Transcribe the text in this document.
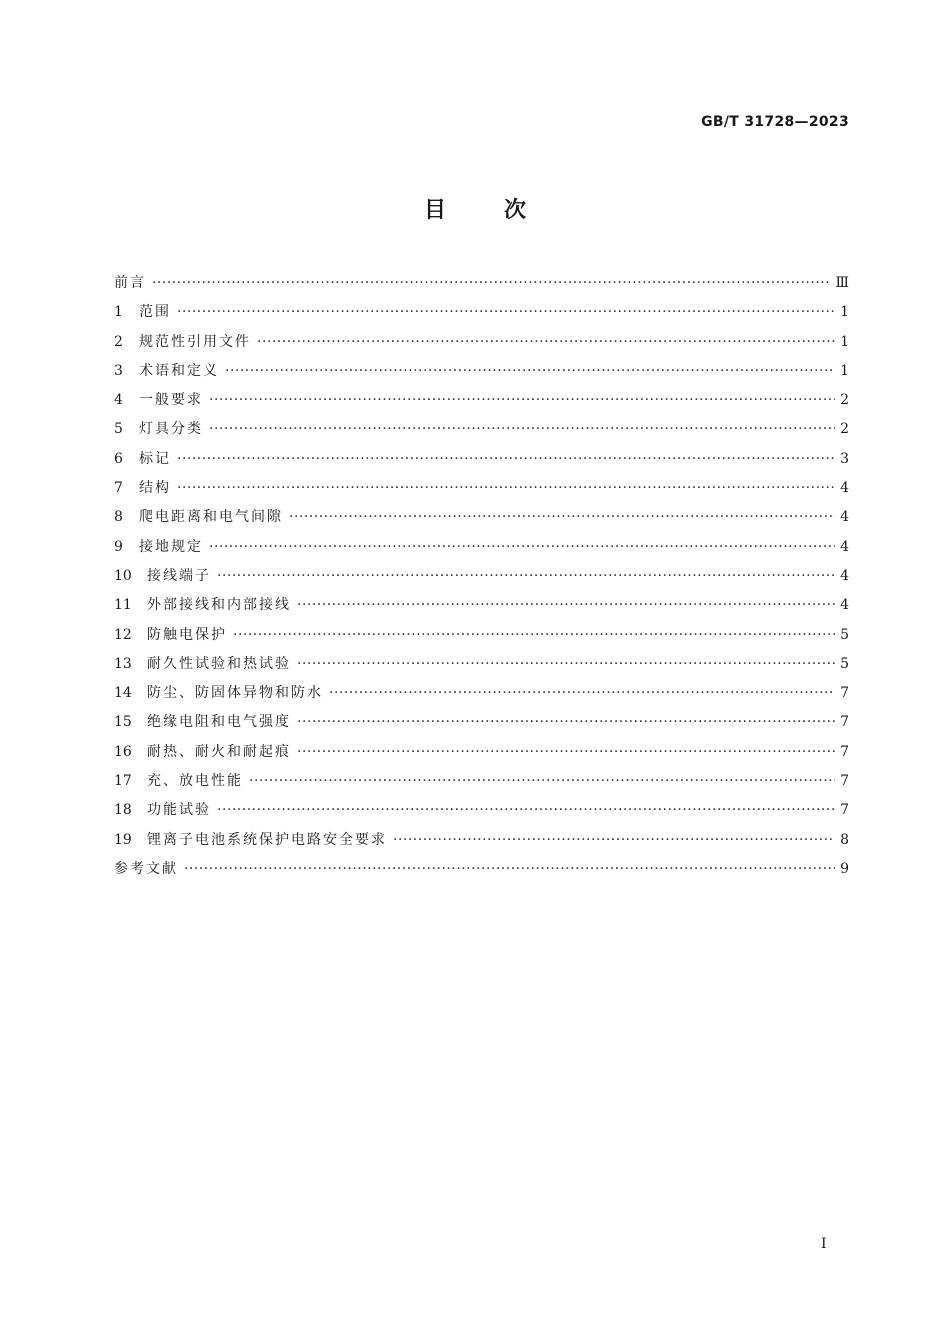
GB/T 31728—2023
目次
前言 ·····	Ⅲ
1	范围 ·····	1
2	规范性引用文件 ·····	1
3	术语和定义 ·····	1
4	一般要求 ·····	2
5	灯具分类 ·····	2
6	标记 ·····	3
7	结构 ·····	4
8	爬电距离和电气间隙 ·····	4
9	接地规定 ·····	4
10	接线端子 ·····	4
11	外部接线和内部接线 ·····	4
12	防触电保护 ·····	5
13	耐久性试验和热试验 ·····	5
14	防尘、防固体异物和防水 ·····	7
15	绝缘电阻和电气强度 ·····	7
16	耐热、耐火和耐起痕 ·····	7
17	充、放电性能 ·····	7
18	功能试验 ·····	7
19	锂离子电池系统保护电路安全要求 ·····	8
参考文献 ·····	9
Ⅰ
